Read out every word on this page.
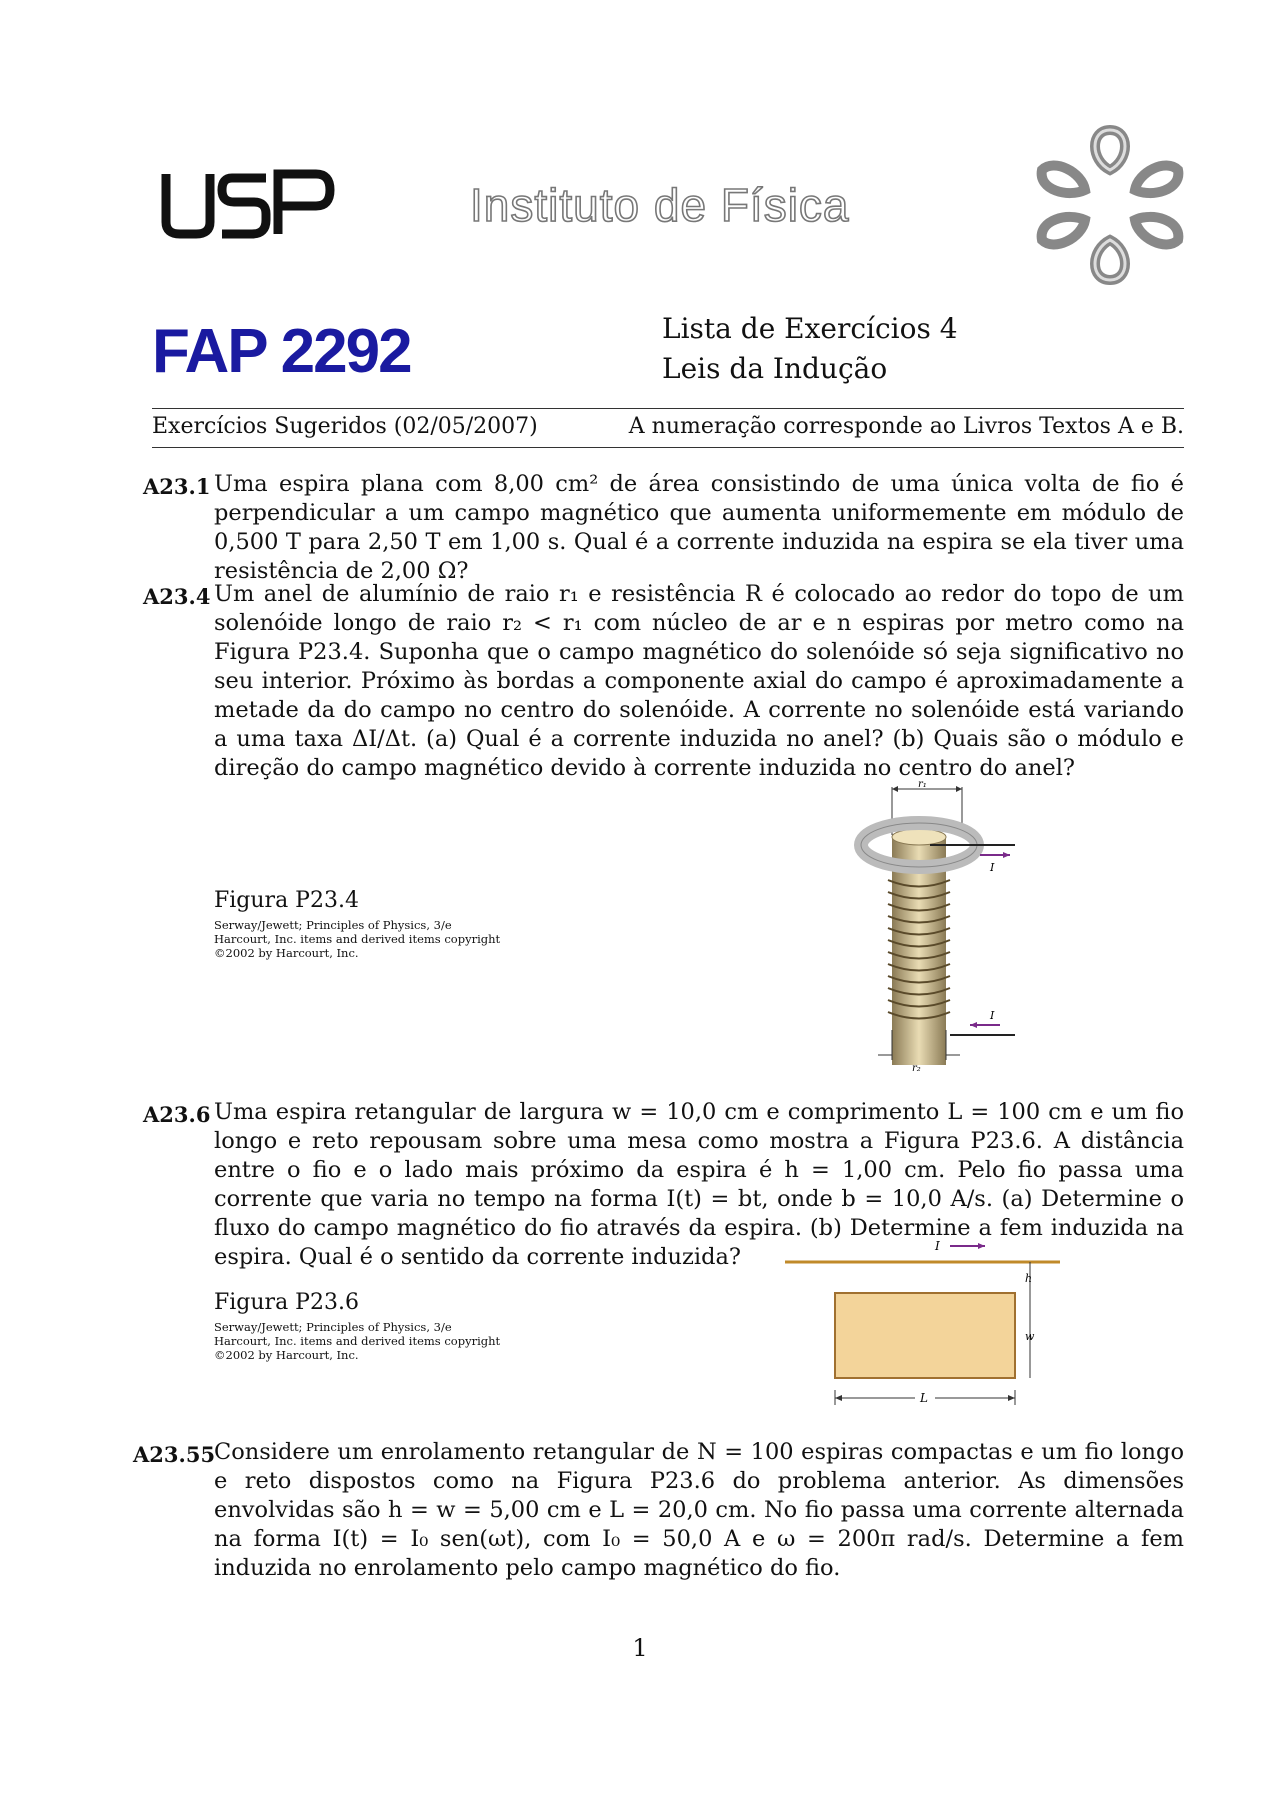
Instituto de Física
FAP 2292	Lista de Exercícios 4
Leis da Indução
Exercícios Sugeridos (02/05/2007)	A numeração corresponde ao Livros Textos A e B.
A23.1 Uma espira plana com 8,00 cm² de área consistindo de uma única volta de fio é perpendicular a um campo magnético que aumenta uniformemente em módulo de 0,500 T para 2,50 T em 1,00 s. Qual é a corrente induzida na espira se ela tiver uma resistência de 2,00 Ω?
A23.4 Um anel de alumínio de raio r₁ e resistência R é colocado ao redor do topo de um solenóide longo de raio r₂ < r₁ com núcleo de ar e n espiras por metro como na Figura P23.4. Suponha que o campo magnético do solenóide só seja significativo no seu interior. Próximo às bordas a componente axial do campo é aproximadamente a metade da do campo no centro do solenóide. A corrente no solenóide está variando a uma taxa ΔI/Δt. (a) Qual é a corrente induzida no anel? (b) Quais são o módulo e direção do campo magnético devido à corrente induzida no centro do anel?
Figura P23.4
Serway/Jewett; Principles of Physics, 3/e
Harcourt, Inc. items and derived items copyright
©2002 by Harcourt, Inc.
r₁
I
I
r₂
A23.6 Uma espira retangular de largura w = 10,0 cm e comprimento L = 100 cm e um fio longo e reto repousam sobre uma mesa como mostra a Figura P23.6. A distância entre o fio e o lado mais próximo da espira é h = 1,00 cm. Pelo fio passa uma corrente que varia no tempo na forma I(t) = bt, onde b = 10,0 A/s. (a) Determine o fluxo do campo magnético do fio através da espira. (b) Determine a fem induzida na espira. Qual é o sentido da corrente induzida?
Figura P23.6
Serway/Jewett; Principles of Physics, 3/e
Harcourt, Inc. items and derived items copyright
©2002 by Harcourt, Inc.
I
h
w
L
A23.55
Considere um enrolamento retangular de N = 100 espiras compactas e um fio longo e reto dispostos como na Figura P23.6 do problema anterior. As dimensões envolvidas são h = w = 5,00 cm e L = 20,0 cm. No fio passa uma corrente alternada na forma I(t) = I₀ sen(ωt), com I₀ = 50,0 A e ω = 200π rad/s. Determine a fem induzida no enrolamento pelo campo magnético do fio.
1
